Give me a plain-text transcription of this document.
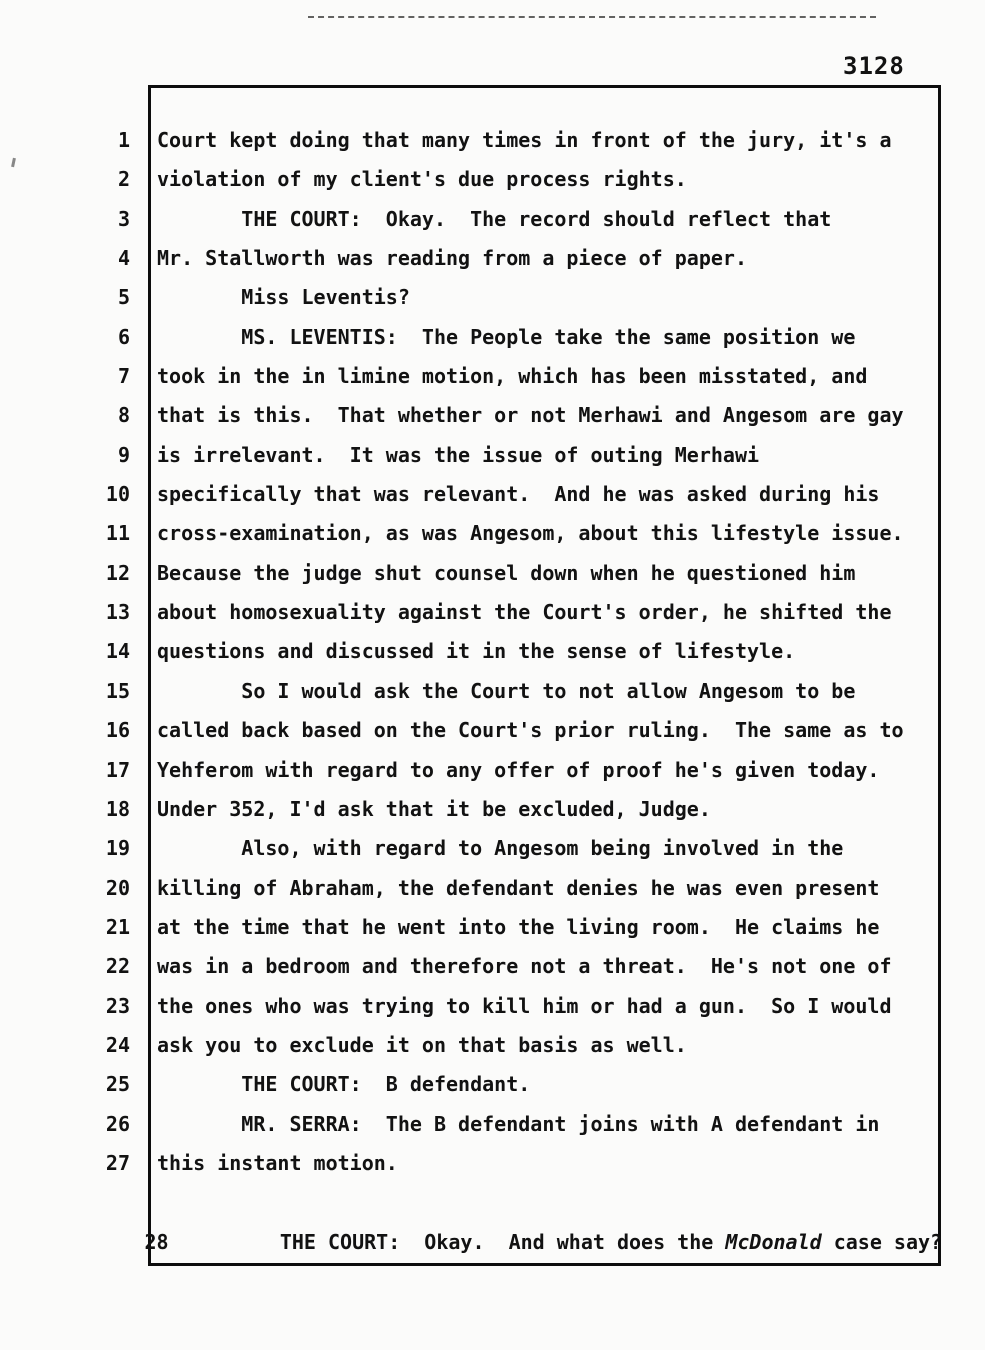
3128
1 Court kept doing that many times in front of the jury, it's a
2 violation of my client's due process rights.
3       THE COURT:  Okay.  The record should reflect that
4 Mr. Stallworth was reading from a piece of paper.
5       Miss Leventis?
6       MS. LEVENTIS:  The People take the same position we
7 took in the in limine motion, which has been misstated, and
8 that is this.  That whether or not Merhawi and Angesom are gay
9 is irrelevant.  It was the issue of outing Merhawi
10 specifically that was relevant.  And he was asked during his
11 cross-examination, as was Angesom, about this lifestyle issue.
12 Because the judge shut counsel down when he questioned him
13 about homosexuality against the Court's order, he shifted the
14 questions and discussed it in the sense of lifestyle.
15       So I would ask the Court to not allow Angesom to be
16 called back based on the Court's prior ruling.  The same as to
17 Yehferom with regard to any offer of proof he's given today.
18 Under 352, I'd ask that it be excluded, Judge.
19       Also, with regard to Angesom being involved in the
20 killing of Abraham, the defendant denies he was even present
21 at the time that he went into the living room.  He claims he
22 was in a bedroom and therefore not a threat.  He's not one of
23 the ones who was trying to kill him or had a gun.  So I would
24 ask you to exclude it on that basis as well.
25       THE COURT:  B defendant.
26       MR. SERRA:  The B defendant joins with A defendant in
27 this instant motion.

28       THE COURT:  Okay.  And what does the McDonald case say?
